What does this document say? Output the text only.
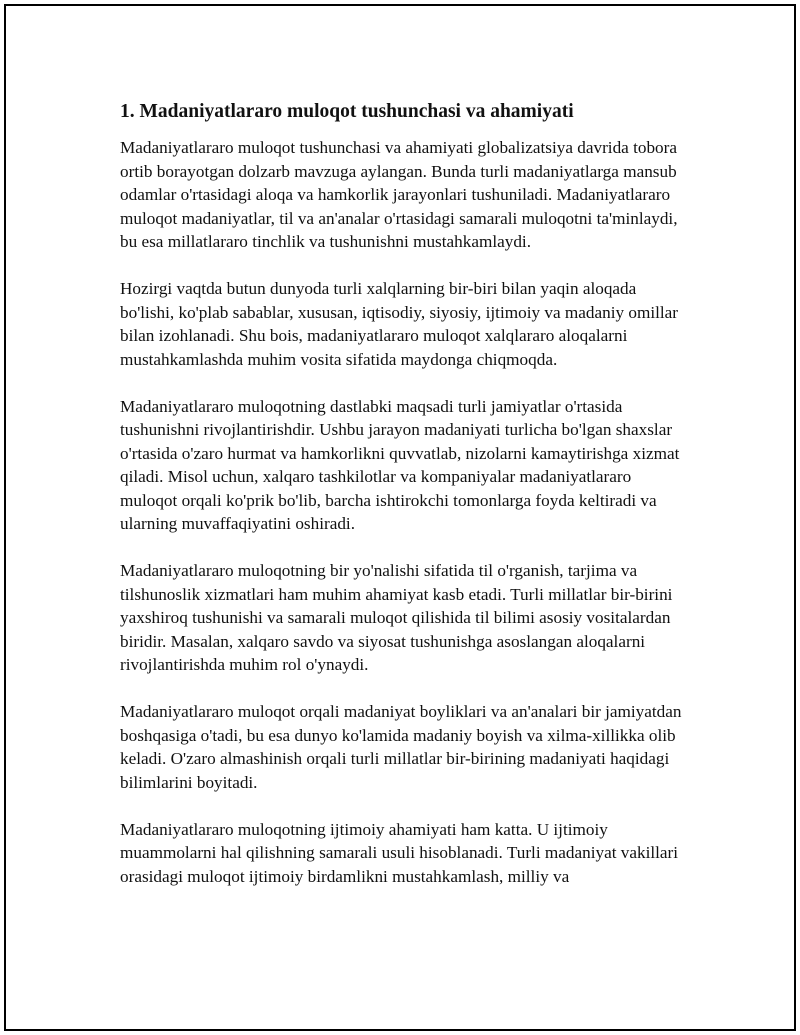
1. Madaniyatlararo muloqot tushunchasi va ahamiyati

Madaniyatlararo muloqot tushunchasi va ahamiyati globalizatsiya davrida tobora ortib borayotgan dolzarb mavzuga aylangan. Bunda turli madaniyatlarga mansub odamlar o'rtasidagi aloqa va hamkorlik jarayonlari tushuniladi. Madaniyatlararo muloqot madaniyatlar, til va an'analar o'rtasidagi samarali muloqotni ta'minlaydi, bu esa millatlararo tinchlik va tushunishni mustahkamlaydi.

Hozirgi vaqtda butun dunyoda turli xalqlarning bir-biri bilan yaqin aloqada bo'lishi, ko'plab sabablar, xususan, iqtisodiy, siyosiy, ijtimoiy va madaniy omillar bilan izohlanadi. Shu bois, madaniyatlararo muloqot xalqlararo aloqalarni mustahkamlashda muhim vosita sifatida maydonga chiqmoqda.

Madaniyatlararo muloqotning dastlabki maqsadi turli jamiyatlar o'rtasida tushunishni rivojlantirishdir. Ushbu jarayon madaniyati turlicha bo'lgan shaxslar o'rtasida o'zaro hurmat va hamkorlikni quvvatlab, nizolarni kamaytirishga xizmat qiladi. Misol uchun, xalqaro tashkilotlar va kompaniyalar madaniyatlararo muloqot orqali ko'prik bo'lib, barcha ishtirokchi tomonlarga foyda keltiradi va ularning muvaffaqiyatini oshiradi.

Madaniyatlararo muloqotning bir yo'nalishi sifatida til o'rganish, tarjima va tilshunoslik xizmatlari ham muhim ahamiyat kasb etadi. Turli millatlar bir-birini yaxshiroq tushunishi va samarali muloqot qilishida til bilimi asosiy vositalardan biridir. Masalan, xalqaro savdo va siyosat tushunishga asoslangan aloqalarni rivojlantirishda muhim rol o'ynaydi.

Madaniyatlararo muloqot orqali madaniyat boyliklari va an'analari bir jamiyatdan boshqasiga o'tadi, bu esa dunyo ko'lamida madaniy boyish va xilma-xillikka olib keladi. O'zaro almashinish orqali turli millatlar bir-birining madaniyati haqidagi bilimlarini boyitadi.

Madaniyatlararo muloqotning ijtimoiy ahamiyati ham katta. U ijtimoiy muammolarni hal qilishning samarali usuli hisoblanadi. Turli madaniyat vakillari orasidagi muloqot ijtimoiy birdamlikni mustahkamlash, milliy va
